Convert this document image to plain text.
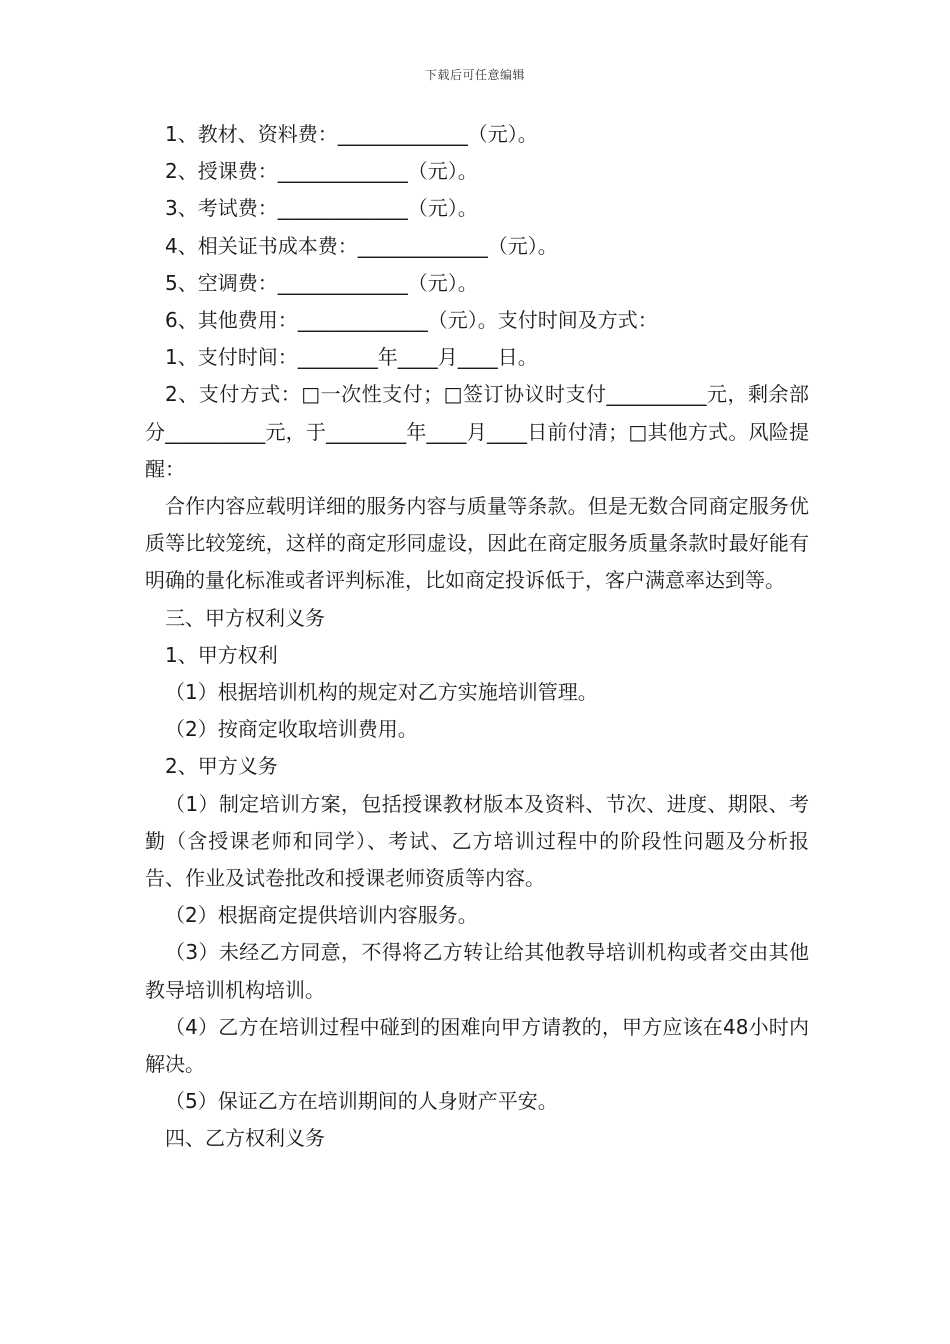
下载后可任意编辑

1、教材、资料费：_____________（元）。

2、授课费：_____________（元）。

3、考试费：_____________（元）。

4、相关证书成本费：_____________（元）。

5、空调费：_____________（元）。

6、其他费用：_____________（元）。支付时间及方式：

1、支付时间：________年____月____日。

2、支付方式：□一次性支付；□签订协议时支付__________元，剩余部分__________元，于________年____月____日前付清；□其他方式。风险提醒：

合作内容应载明详细的服务内容与质量等条款。但是无数合同商定服务优质等比较笼统，这样的商定形同虚设，因此在商定服务质量条款时最好能有明确的量化标准或者评判标准，比如商定投诉低于，客户满意率达到等。

三、甲方权利义务

1、甲方权利

（1）根据培训机构的规定对乙方实施培训管理。

（2）按商定收取培训费用。

2、甲方义务

（1）制定培训方案，包括授课教材版本及资料、节次、进度、期限、考勤（含授课老师和同学）、考试、乙方培训过程中的阶段性问题及分析报告、作业及试卷批改和授课老师资质等内容。

（2）根据商定提供培训内容服务。

（3）未经乙方同意，不得将乙方转让给其他教导培训机构或者交由其他教导培训机构培训。

（4）乙方在培训过程中碰到的困难向甲方请教的，甲方应该在48小时内解决。

（5）保证乙方在培训期间的人身财产平安。

四、乙方权利义务
